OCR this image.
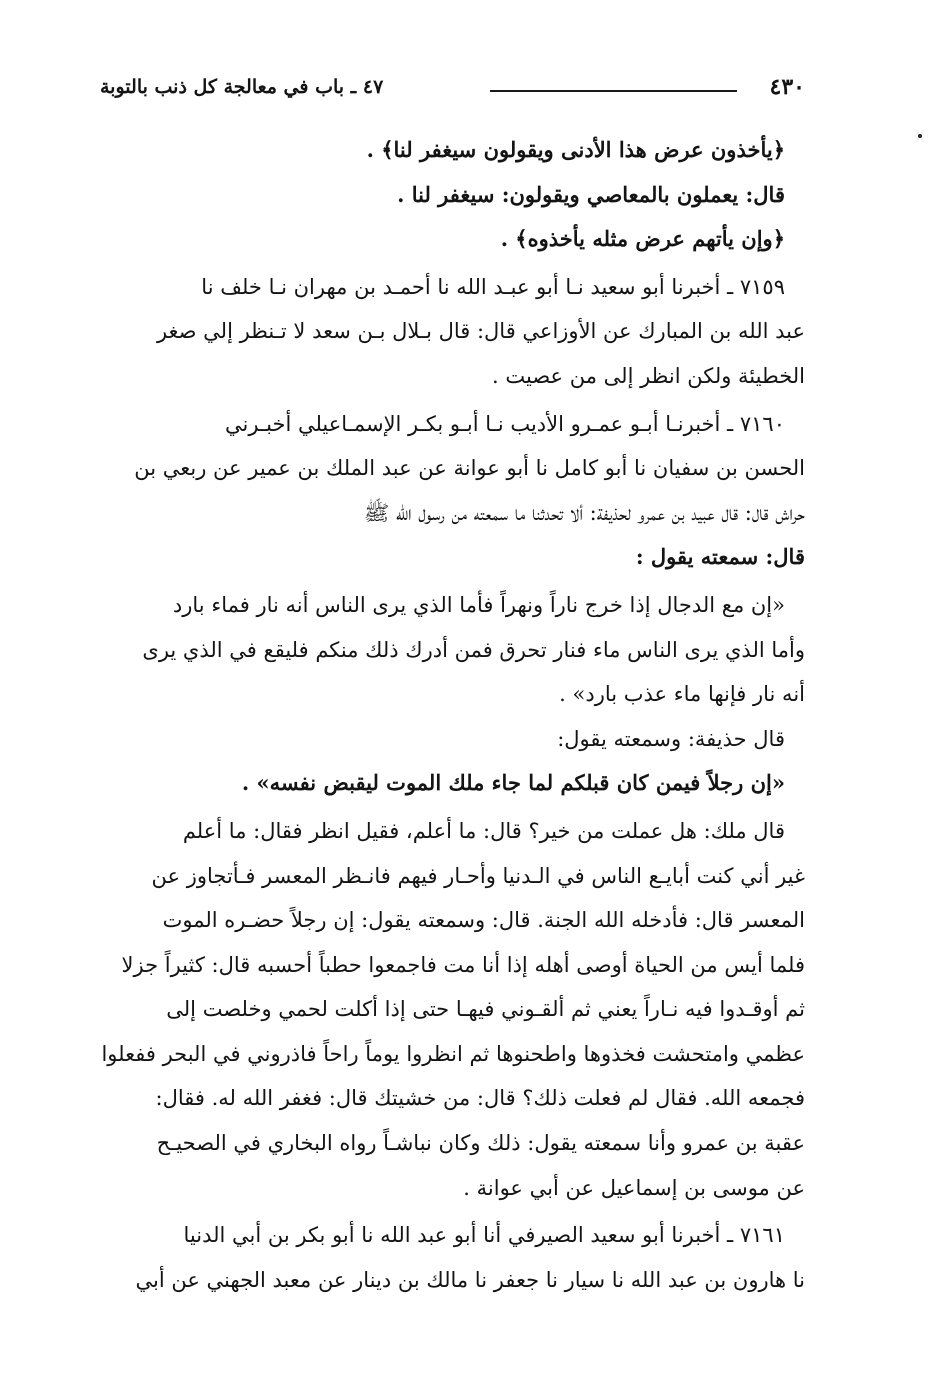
٤٣٠
٤٧ ـ باب في معالجة كل ذنب بالتوبة
﴿يأخذون عرض هذا الأدنى ويقولون سيغفر لنا﴾ .
قال: يعملون بالمعاصي ويقولون: سيغفر لنا .
﴿وإن يأتهم عرض مثله يأخذوه﴾ .
٧١٥٩ ـ أخبرنا أبو سعيد نـا أبو عبـد الله نا أحمـد بن مهران نـا خلف نا
عبد الله بن المبارك عن الأوزاعي قال: قال بـلال بـن سعد لا تـنظر إلي صغر
الخطيئة ولكن انظر إلى من عصيت .
٧١٦٠ ـ أخبرنـا أبـو عمـرو الأديب نـا أبـو بكـر الإسمـاعيلي أخبـرني
الحسن بن سفيان نا أبو كامل نا أبو عوانة عن عبد الملك بن عمير عن ربعي بن
حراش قال: قال عبيد بن عمرو لحذيفة: ألا تحدثنا ما سمعته من رسول الله ﷺ
قال: سمعته يقول :
«إن مع الدجال إذا خرج ناراً ونهراً فأما الذي يرى الناس أنه نار فماء بارد
وأما الذي يرى الناس ماء فنار تحرق فمن أدرك ذلك منكم فليقع في الذي يرى
أنه نار فإنها ماء عذب بارد» .
قال حذيفة: وسمعته يقول:
«إن رجلاً فيمن كان قبلكم لما جاء ملك الموت ليقبض نفسه» .
قال ملك: هل عملت من خير؟ قال: ما أعلم، فقيل انظر فقال: ما أعلم
غير أني كنت أبايـع الناس في الـدنيا وأحـار فيهم فانـظر المعسر فـأتجاوز عن
المعسر قال: فأدخله الله الجنة. قال: وسمعته يقول: إن رجلاً حضـره الموت
فلما أيس من الحياة أوصى أهله إذا أنا مت فاجمعوا حطباً أحسبه قال: كثيراً جزلا
ثم أوقـدوا فيه نـاراً يعني ثم ألقـوني فيهـا حتى إذا أكلت لحمي وخلصت إلى
عظمي وامتحشت فخذوها واطحنوها ثم انظروا يوماً راحاً فاذروني في البحر ففعلوا
فجمعه الله. فقال لم فعلت ذلك؟ قال: من خشيتك قال: فغفر الله له. فقال:
عقبة بن عمرو وأنا سمعته يقول: ذلك وكان نباشـاً رواه البخاري في الصحيـح
عن موسى بن إسماعيل عن أبي عوانة .
٧١٦١ ـ أخبرنا أبو سعيد الصيرفي أنا أبو عبد الله نا أبو بكر بن أبي الدنيا
نا هارون بن عبد الله نا سيار نا جعفر نا مالك بن دينار عن معبد الجهني عن أبي
